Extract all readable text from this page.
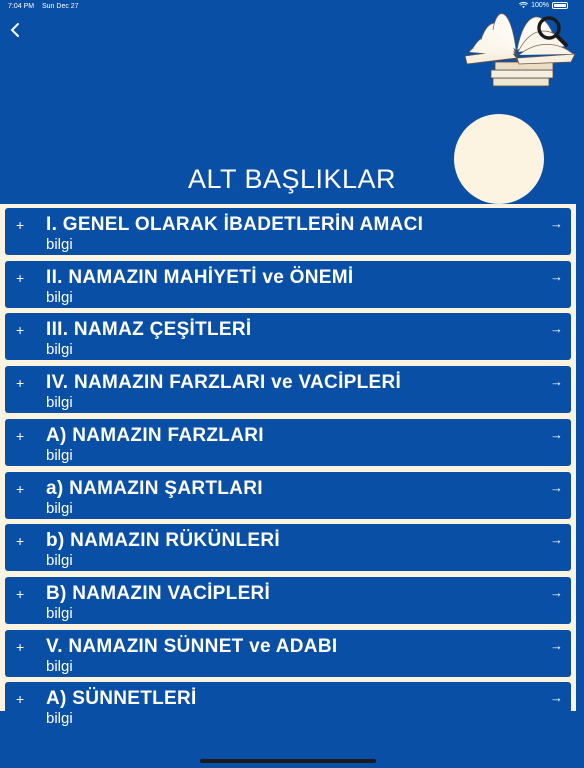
7:04 PM Sun Dec 27	100%
ALT BAŞLIKLAR
+ I. GENEL OLARAK İBADETLERİN AMACI
bilgi
→
+ II. NAMAZIN MAHİYETİ ve ÖNEMİ
bilgi
→
+ III. NAMAZ ÇEŞİTLERİ
bilgi
→
+ IV. NAMAZIN FARZLARI ve VACİPLERİ
bilgi
→
+ A) NAMAZIN FARZLARI
bilgi
→
+ a) NAMAZIN ŞARTLARI
bilgi
→
+ b) NAMAZIN RÜKÜNLERİ
bilgi
→
+ B) NAMAZIN VACİPLERİ
bilgi
→
+ V. NAMAZIN SÜNNET ve ADABI
bilgi
→
+ A) SÜNNETLERİ
bilgi
→
